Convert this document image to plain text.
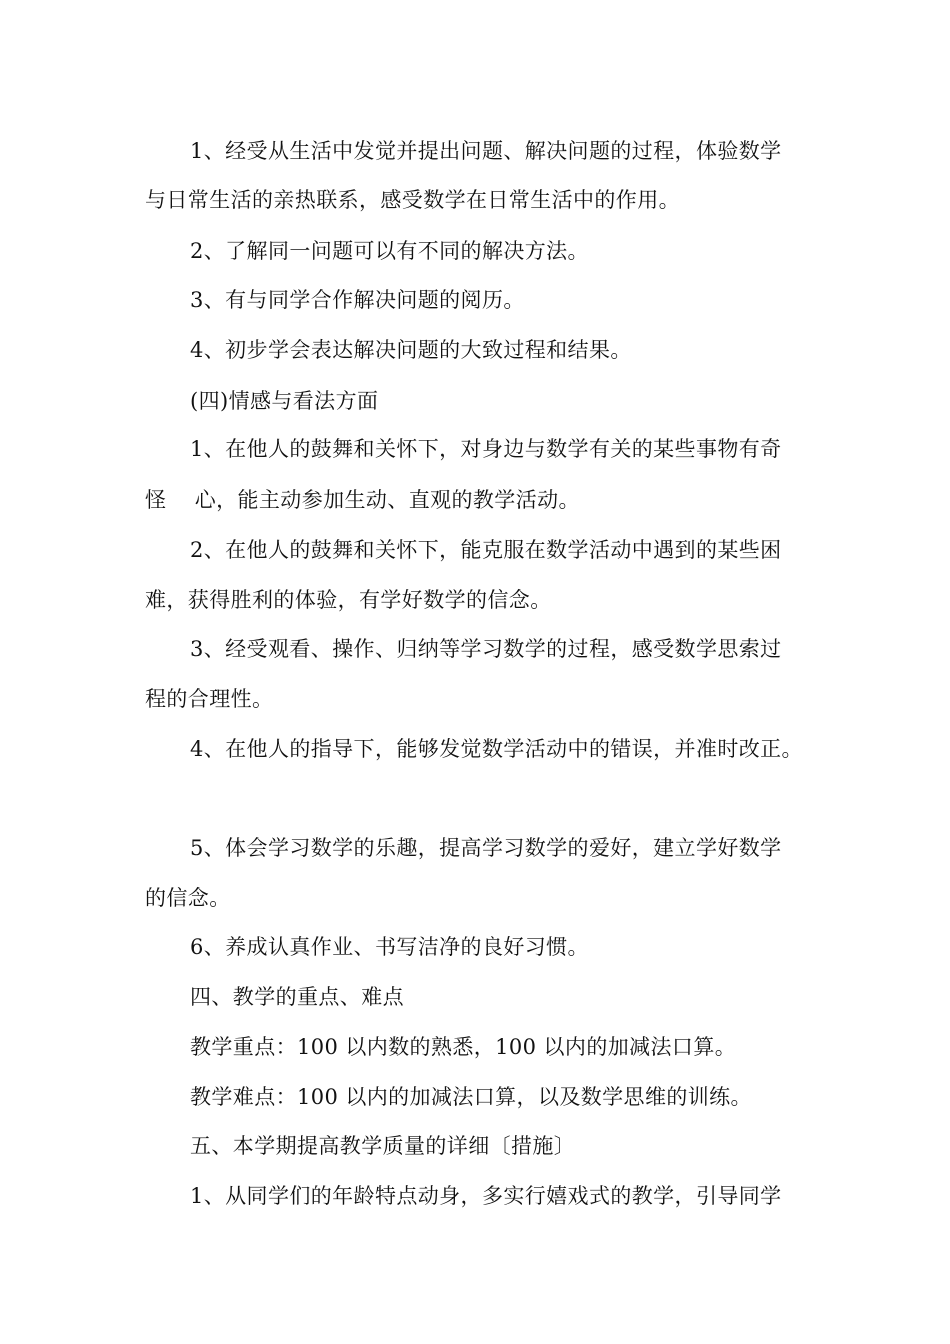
1、经受从生活中发觉并提出问题、解决问题的过程，体验数学
与日常生活的亲热联系，感受数学在日常生活中的作用。
2、了解同一问题可以有不同的解决方法。
3、有与同学合作解决问题的阅历。
4、初步学会表达解决问题的大致过程和结果。
(四)情感与看法方面
1、在他人的鼓舞和关怀下，对身边与数学有关的某些事物有奇
怪    心，能主动参加生动、直观的教学活动。
2、在他人的鼓舞和关怀下，能克服在数学活动中遇到的某些困
难，获得胜利的体验，有学好数学的信念。
3、经受观看、操作、归纳等学习数学的过程，感受数学思索过
程的合理性。
4、在他人的指导下，能够发觉数学活动中的错误，并准时改正。
5、体会学习数学的乐趣，提高学习数学的爱好，建立学好数学
的信念。
6、养成认真作业、书写洁净的良好习惯。
四、教学的重点、难点
教学重点：100 以内数的熟悉，100 以内的加减法口算。
教学难点：100 以内的加减法口算，以及数学思维的训练。
五、本学期提高教学质量的详细〔措施〕
1、从同学们的年龄特点动身，多实行嬉戏式的教学，引导同学
